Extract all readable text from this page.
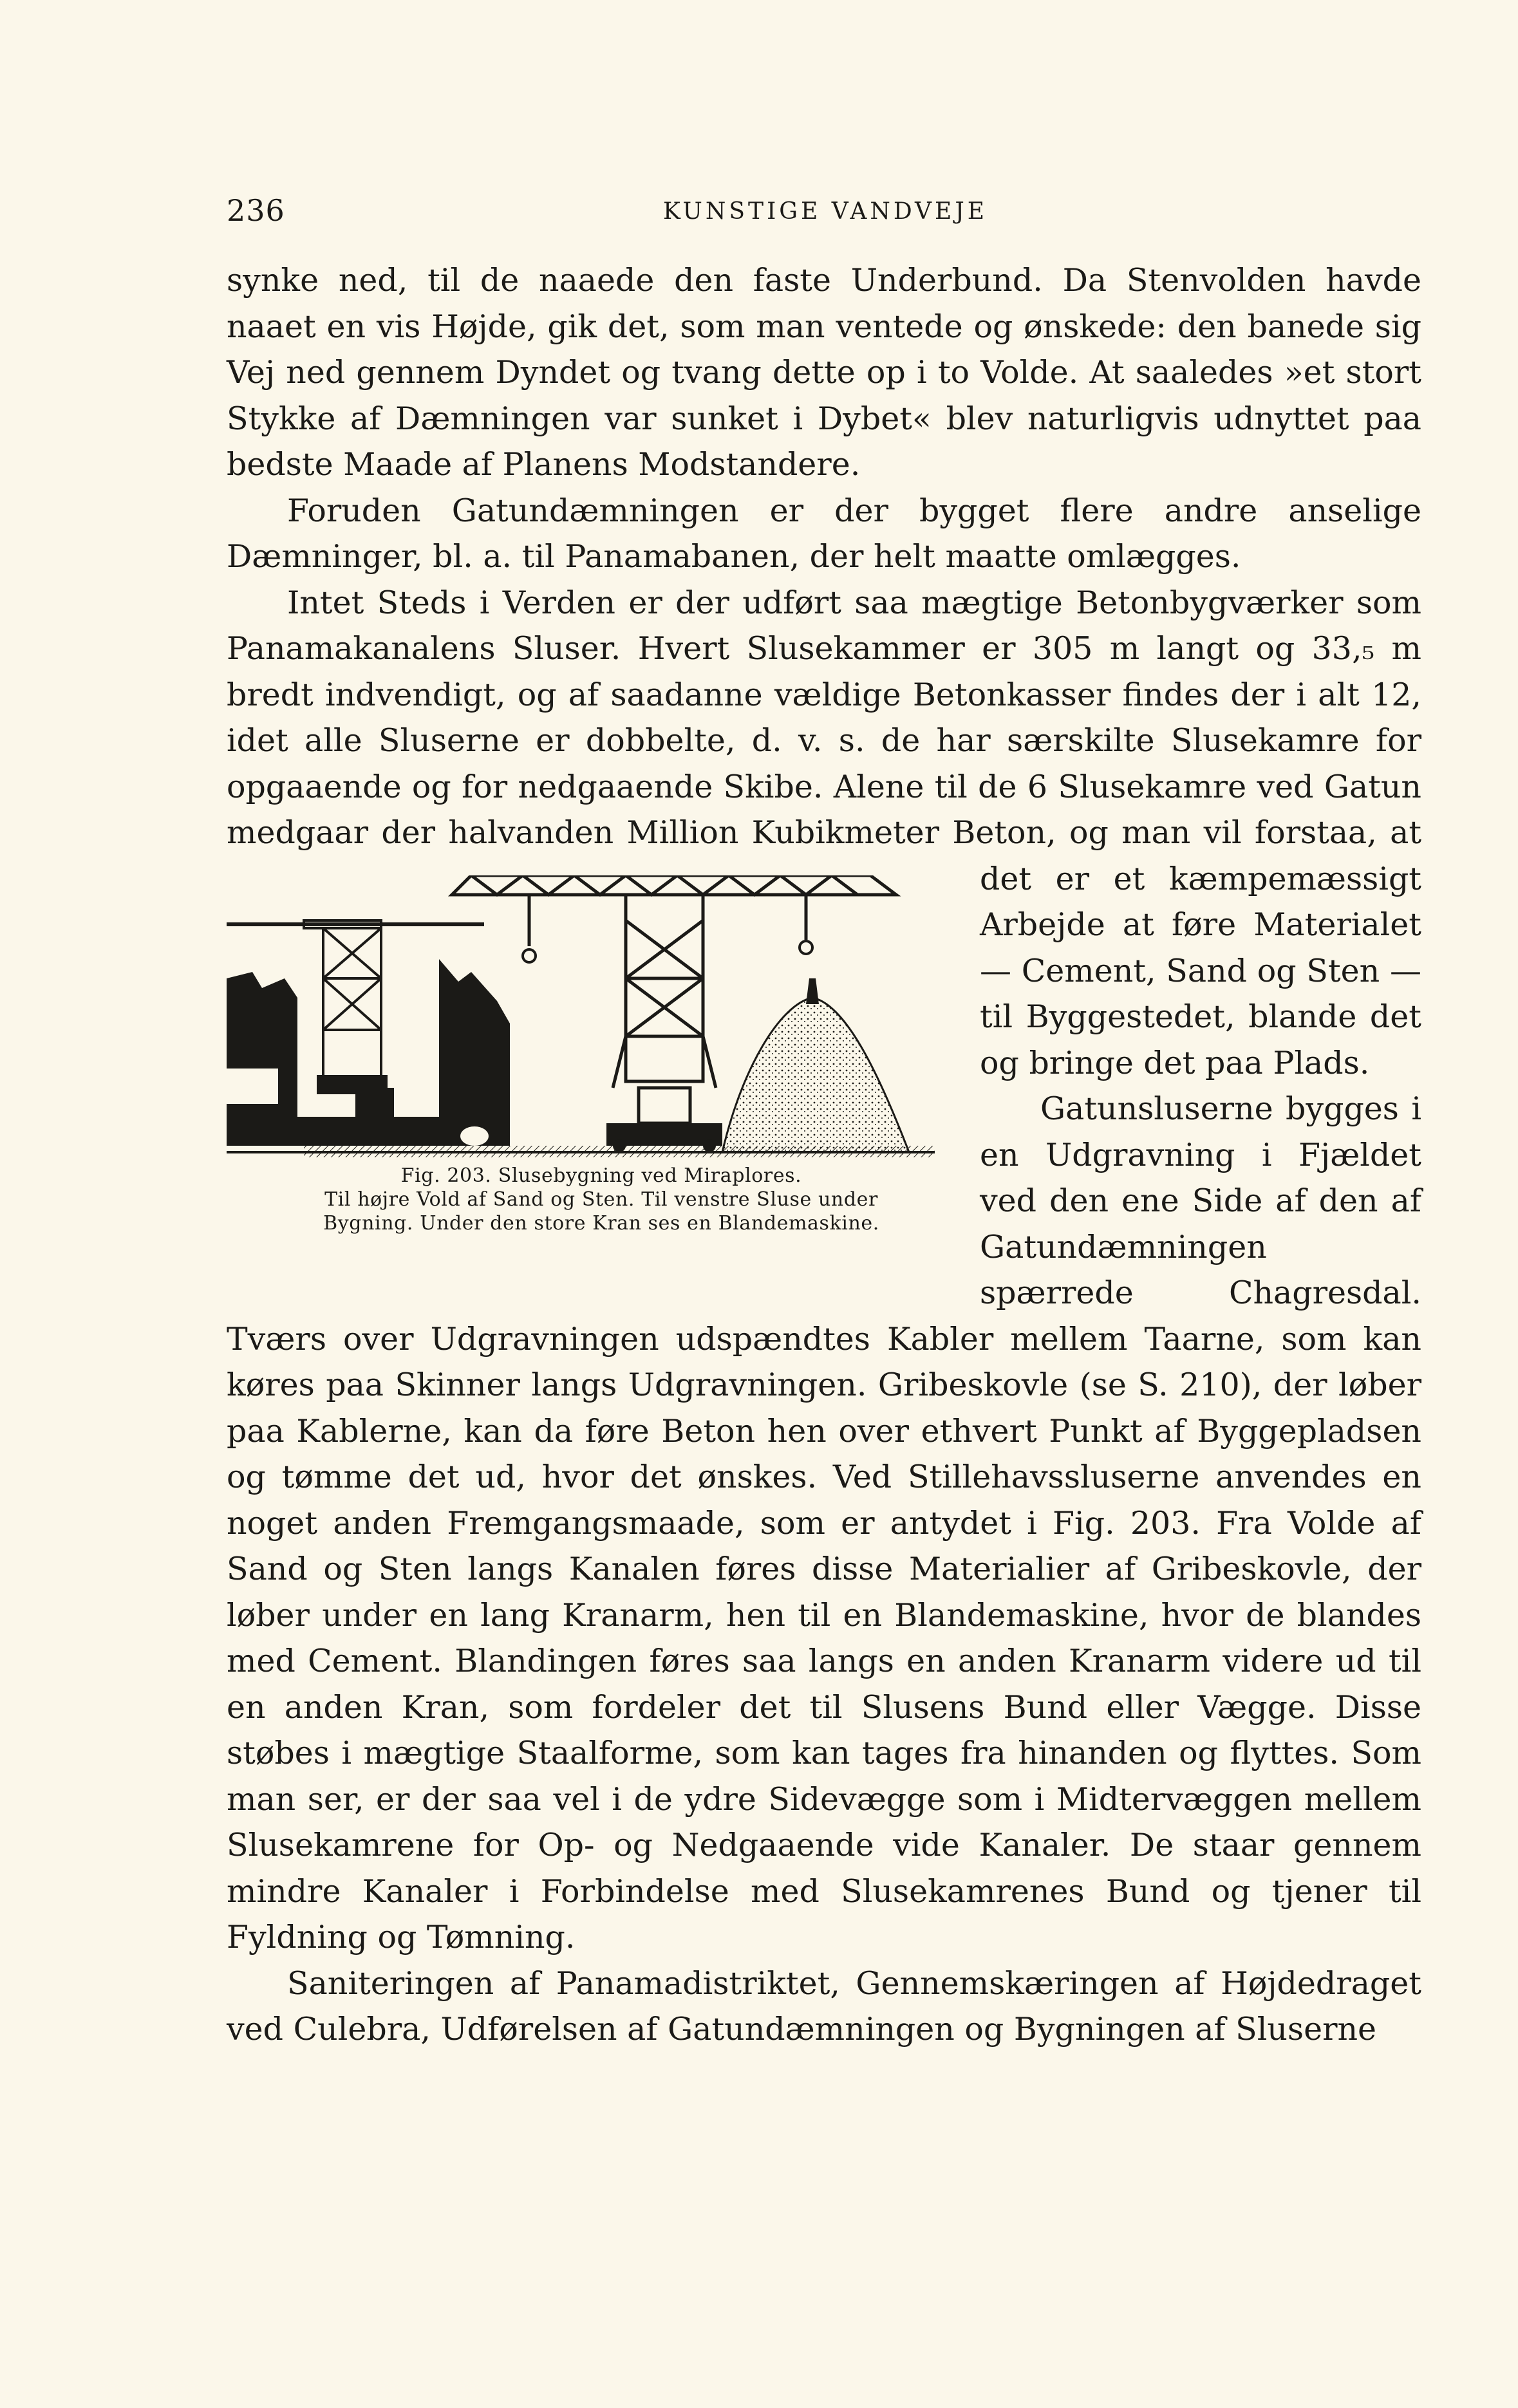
236	KUNSTIGE VANDVEJE

synke ned, til de naaede den faste Underbund. Da Stenvolden havde naaet en vis Højde, gik det, som man ventede og ønskede: den banede sig Vej ned gennem Dyndet og tvang dette op i to Volde. At saaledes »et stort Stykke af Dæmningen var sunket i Dybet« blev naturligvis udnyttet paa bedste Maade af Planens Modstandere.

Foruden Gatundæmningen er der bygget flere andre anselige Dæmninger, bl. a. til Panamabanen, der helt maatte omlægges.

Intet Steds i Verden er der udført saa mægtige Betonbygværker som Panamakanalens Sluser. Hvert Slusekammer er 305 m langt og 33,₅ m bredt indvendigt, og af saadanne vældige Betonkasser findes der i alt 12, idet alle Sluserne er dobbelte, d. v. s. de har særskilte Slusekamre for opgaaende og for nedgaaende Skibe. Alene til de 6 Slusekamre ved Gatun medgaar der halvanden Million Kubikmeter Beton,
Fig. 203. Slusebygning ved Miraplores.
Til højre Vold af Sand og Sten. Til venstre Sluse under
Bygning. Under den store Kran ses en Blandemaskine.
og man vil forstaa, at det er et kæmpemæssigt Arbejde at føre Materialet — Cement, Sand og Sten — til Byggestedet, blande det og bringe det paa Plads.
Gatunsluserne bygges i en Udgravning i Fjældet ved den ene Side af den af Gatundæmningen spærrede Chagresdal. Tværs over Udgravningen udspændtes Kabler mellem Taarne, som kan køres paa Skinner langs Udgravningen. Gribeskovle (se S. 210), der løber paa Kablerne, kan da føre Beton hen over ethvert Punkt af Byggepladsen og tømme det ud, hvor det ønskes. Ved Stillehavssluserne anvendes en noget anden Fremgangsmaade, som er antydet i Fig. 203. Fra Volde af Sand og Sten langs Kanalen føres disse Materialier af Gribeskovle, der løber under en lang Kranarm, hen til en Blandemaskine, hvor de blandes med Cement. Blandingen føres saa langs en anden Kranarm videre ud til en anden Kran, som fordeler det til Slusens Bund eller Vægge. Disse støbes i mægtige Staalforme, som kan tages fra hinanden og flyttes. Som man ser, er der saa vel i de ydre Sidevægge som i Midtervæggen mellem Slusekamrene for Op- og Nedgaaende vide Kanaler. De staar gennem mindre Kanaler i Forbindelse med Slusekamrenes Bund og tjener til Fyldning og Tømning.

Saniteringen af Panamadistriktet, Gennemskæringen af Højdedraget ved Culebra, Udførelsen af Gatundæmningen og Bygningen af Sluserne
